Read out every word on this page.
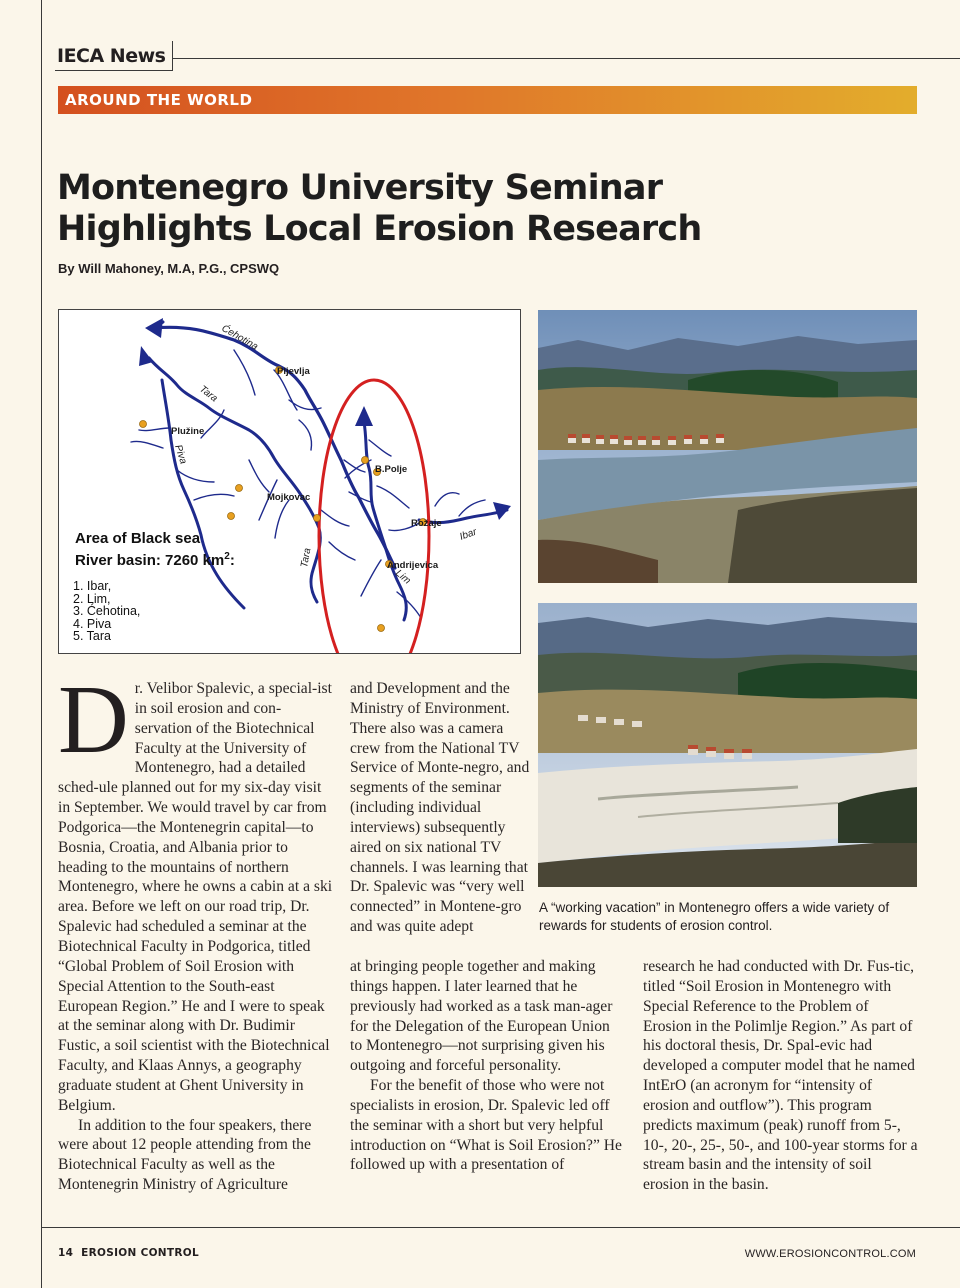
IECA News
AROUND THE WORLD
Montenegro University Seminar
Highlights Local Erosion Research
By Will Mahoney, M.A, P.G., CPSWQ
Pljevlja
Plužine
Mojkovac
B.Polje
Rožaje
Andrijevica
Ćehotina
Tara
Piva
Tara
Lim
Ibar
Area of Black sea
River basin: 7260 $km^2$:
1. Ibar,
2. Lim,
3. Ćehotina,
4. Piva
5. Tara
A “working vacation” in Montenegro offers a wide variety of rewards for students of erosion control.

Dr. Velibor Spalevic, a special-ist in soil erosion and con-servation of the Biotechnical Faculty at the University of Montenegro, had a detailed sched-ule planned out for my six-day visit in September. We would travel by car from Podgorica—the Montenegrin capital—to Bosnia, Croatia, and Albania prior to heading to the mountains of northern Montenegro, where he owns a cabin at a ski area. Before we left on our road trip, Dr. Spalevic had scheduled a seminar at the Biotechnical Faculty in Podgorica, titled “Global Problem of Soil Erosion with Special Attention to the South-east European Region.” He and I were to speak at the seminar along with Dr. Budimir Fustic, a soil scientist with the Biotechnical Faculty, and Klaas Annys, a geography graduate student at Ghent University in Belgium.

In addition to the four speakers, there were about 12 people attending from the Biotechnical Faculty as well as the Montenegrin Ministry of Agriculture

and Development and the Ministry of Environment. There also was a camera crew from the National TV Service of Monte-negro, and segments of the seminar (including individual interviews) subsequently aired on six national TV channels. I was learning that Dr. Spalevic was “very well connected” in Montene-gro and was quite adept

at bringing people together and making things happen. I later learned that he previously had worked as a task man-ager for the Delegation of the European Union to Montenegro—not surprising given his outgoing and forceful personality.

For the benefit of those who were not specialists in erosion, Dr. Spalevic led off the seminar with a short but very helpful introduction on “What is Soil Erosion?” He followed up with a presentation of

research he had conducted with Dr. Fus-tic, titled “Soil Erosion in Montenegro with Special Reference to the Problem of Erosion in the Polimlje Region.” As part of his doctoral thesis, Dr. Spal-evic had developed a computer model that he named IntErO (an acronym for “intensity of erosion and outflow”). This program predicts maximum (peak) runoff from 5-, 10-, 20-, 25-, 50-, and 100-year storms for a stream basin and the intensity of soil erosion in the basin.

14 EROSION CONTROL	WWW.EROSIONCONTROL.COM
